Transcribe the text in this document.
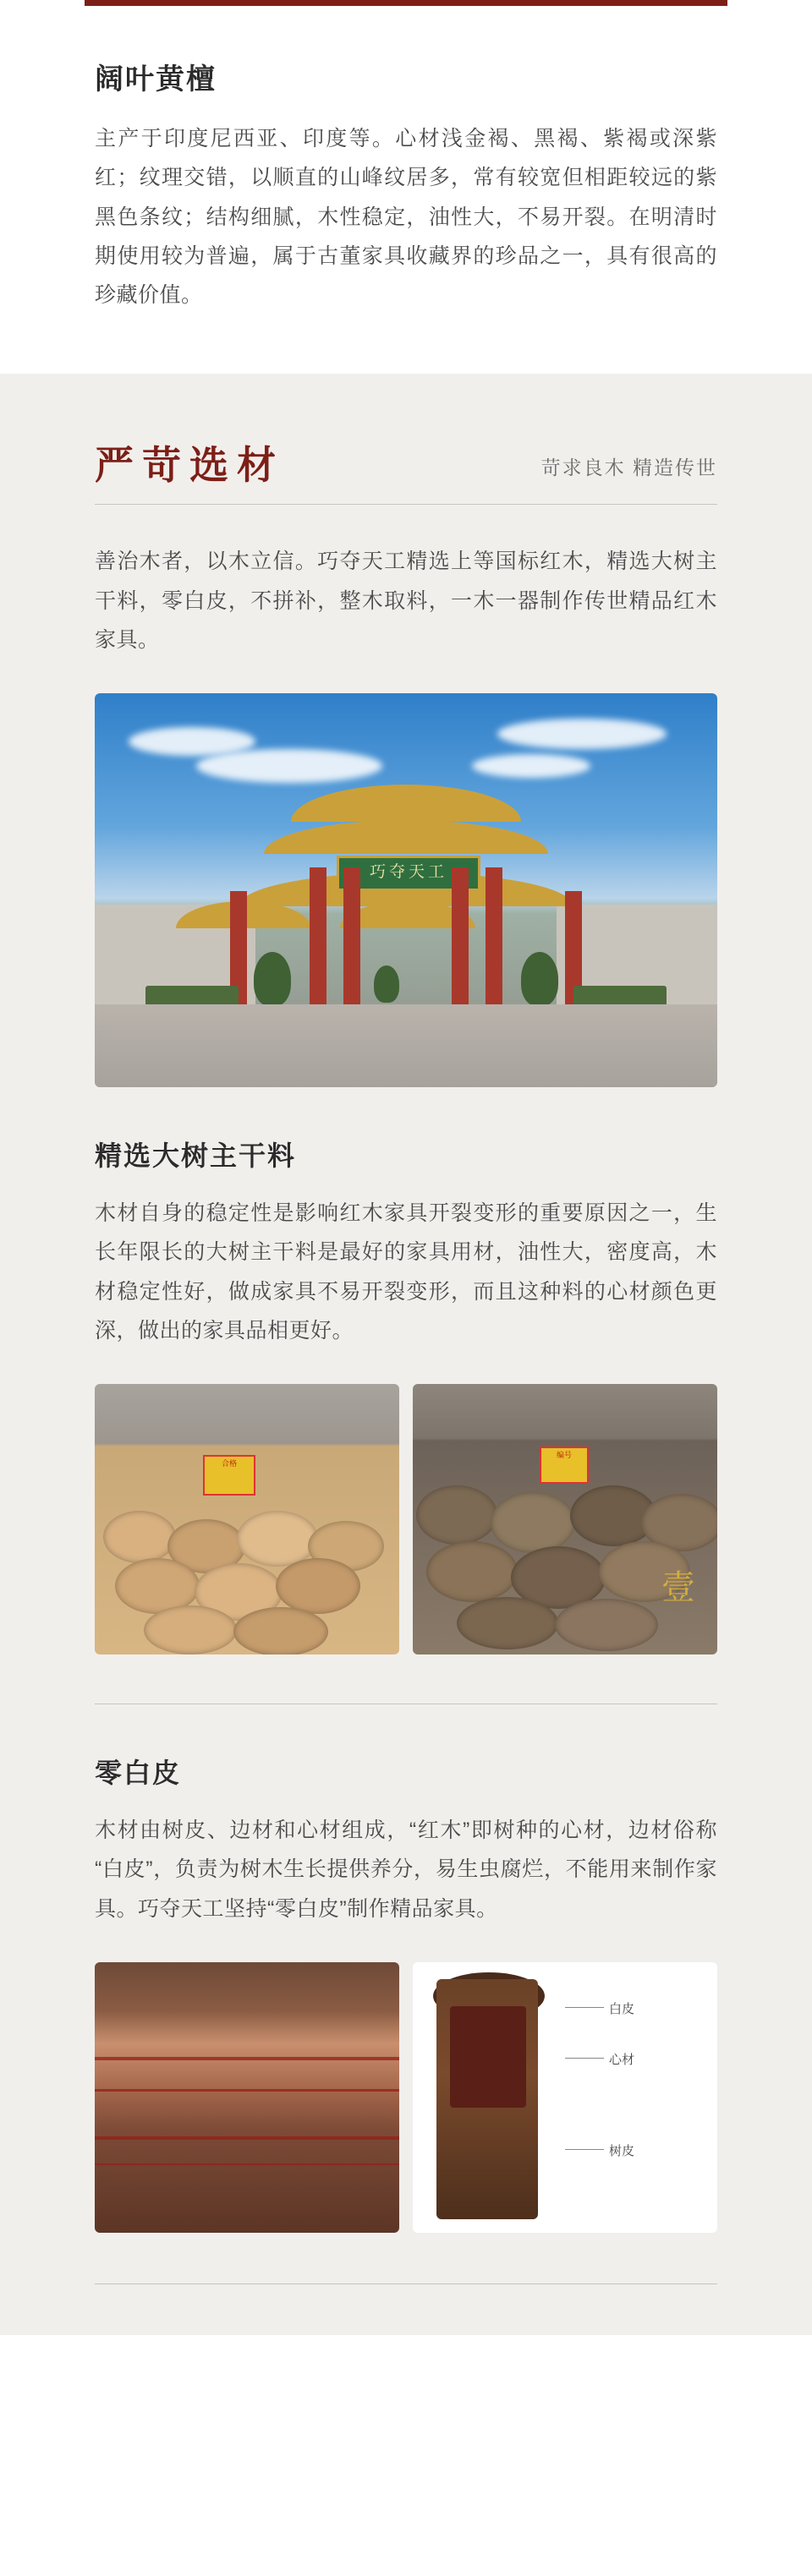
阔叶黄檀

主产于印度尼西亚、印度等。心材浅金褐、黑褐、紫褐或深紫红；纹理交错，以顺直的山峰纹居多，常有较宽但相距较远的紫黑色条纹；结构细腻，木性稳定，油性大，不易开裂。在明清时期使用较为普遍，属于古董家具收藏界的珍品之一，具有很高的珍藏价值。

严苛选材	苛求良木 精造传世

善治木者，以木立信。巧夺天工精选上等国标红木，精选大树主干料，零白皮，不拼补，整木取料，一木一器制作传世精品红木家具。

巧夺天工
精选大树主干料

木材自身的稳定性是影响红木家具开裂变形的重要原因之一，生长年限长的大树主干料是最好的家具用材，油性大，密度高，木材稳定性好，做成家具不易开裂变形，而且这种料的心材颜色更深，做出的家具品相更好。

合格
壹
编号
零白皮

木材由树皮、边材和心材组成，“红木”即树种的心材，边材俗称“白皮”，负责为树木生长提供养分，易生虫腐烂，不能用来制作家具。巧夺天工坚持“零白皮”制作精品家具。

白皮
心材
树皮
